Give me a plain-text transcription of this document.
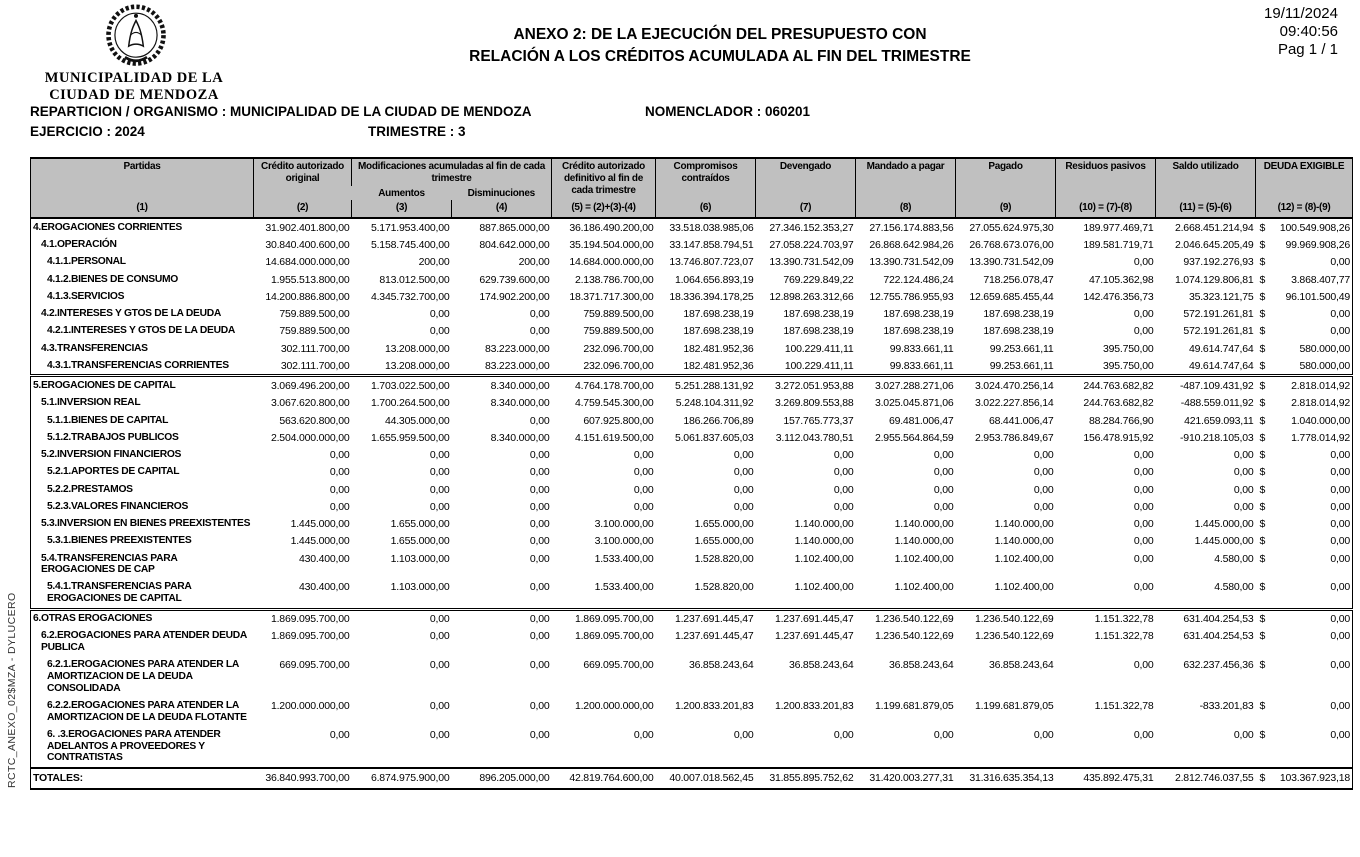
MUNICIPALIDAD DE LA
CIUDAD DE MENDOZA
ANEXO 2: DE LA EJECUCIÓN DEL PRESUPUESTO CON
RELACIÓN A LOS CRÉDITOS ACUMULADA AL FIN DEL TRIMESTRE
19/11/2024
09:40:56
Pag 1 / 1
REPARTICION / ORGANISMO : MUNICIPALIDAD DE LA CIUDAD DE MENDOZA	NOMENCLADOR : 060201
EJERCICIO : 2024	TRIMESTRE : 3
RCTC_ANEXO_02$MZA - DYLUCERO
Partidas	Crédito autorizado original	Modificaciones acumuladas al fin de cada trimestre		Crédito autorizado definitivo al fin de cada trimestre	Compromisos contraídos	Devengado	Mandado a pagar	Pagado	Residuos pasivos	Saldo utilizado	DEUDA EXIGIBLE
		Aumentos	Disminuciones								
(1)	(2)	(3)	(4)	(5) = (2)+(3)-(4)	(6)	(7)	(8)	(9)	(10) = (7)-(8)	(11) = (5)-(6)	(12) = (8)-(9)
4.EROGACIONES CORRIENTES	31.902.401.800,00	5.171.953.400,00	887.865.000,00	36.186.490.200,00	33.518.038.985,06	27.346.152.353,27	27.156.174.883,56	27.055.624.975,30	189.977.469,71	2.668.451.214,94	$ 100.549.908,26

4.1.OPERACIÓN	30.840.400.600,00	5.158.745.400,00	804.642.000,00	35.194.504.000,00	33.147.858.794,51	27.058.224.703,97	26.868.642.984,26	26.768.673.076,00	189.581.719,71	2.046.645.205,49	$ 99.969.908,26

4.1.1.PERSONAL	14.684.000.000,00	200,00	200,00	14.684.000.000,00	13.746.807.723,07	13.390.731.542,09	13.390.731.542,09	13.390.731.542,09	0,00	937.192.276,93	$ 0,00

4.1.2.BIENES DE CONSUMO	1.955.513.800,00	813.012.500,00	629.739.600,00	2.138.786.700,00	1.064.656.893,19	769.229.849,22	722.124.486,24	718.256.078,47	47.105.362,98	1.074.129.806,81	$ 3.868.407,77

4.1.3.SERVICIOS	14.200.886.800,00	4.345.732.700,00	174.902.200,00	18.371.717.300,00	18.336.394.178,25	12.898.263.312,66	12.755.786.955,93	12.659.685.455,44	142.476.356,73	35.323.121,75	$ 96.101.500,49

4.2.INTERESES Y GTOS DE LA DEUDA	759.889.500,00	0,00	0,00	759.889.500,00	187.698.238,19	187.698.238,19	187.698.238,19	187.698.238,19	0,00	572.191.261,81	$ 0,00

4.2.1.INTERESES Y GTOS DE LA DEUDA	759.889.500,00	0,00	0,00	759.889.500,00	187.698.238,19	187.698.238,19	187.698.238,19	187.698.238,19	0,00	572.191.261,81	$ 0,00

4.3.TRANSFERENCIAS	302.111.700,00	13.208.000,00	83.223.000,00	232.096.700,00	182.481.952,36	100.229.411,11	99.833.661,11	99.253.661,11	395.750,00	49.614.747,64	$ 580.000,00

4.3.1.TRANSFERENCIAS CORRIENTES	302.111.700,00	13.208.000,00	83.223.000,00	232.096.700,00	182.481.952,36	100.229.411,11	99.833.661,11	99.253.661,11	395.750,00	49.614.747,64	$ 580.000,00

5.EROGACIONES DE CAPITAL	3.069.496.200,00	1.703.022.500,00	8.340.000,00	4.764.178.700,00	5.251.288.131,92	3.272.051.953,88	3.027.288.271,06	3.024.470.256,14	244.763.682,82	-487.109.431,92	$ 2.818.014,92

5.1.INVERSION REAL	3.067.620.800,00	1.700.264.500,00	8.340.000,00	4.759.545.300,00	5.248.104.311,92	3.269.809.553,88	3.025.045.871,06	3.022.227.856,14	244.763.682,82	-488.559.011,92	$ 2.818.014,92

5.1.1.BIENES DE CAPITAL	563.620.800,00	44.305.000,00	0,00	607.925.800,00	186.266.706,89	157.765.773,37	69.481.006,47	68.441.006,47	88.284.766,90	421.659.093,11	$ 1.040.000,00

5.1.2.TRABAJOS PUBLICOS	2.504.000.000,00	1.655.959.500,00	8.340.000,00	4.151.619.500,00	5.061.837.605,03	3.112.043.780,51	2.955.564.864,59	2.953.786.849,67	156.478.915,92	-910.218.105,03	$ 1.778.014,92

5.2.INVERSION FINANCIEROS	0,00	0,00	0,00	0,00	0,00	0,00	0,00	0,00	0,00	0,00	$ 0,00

5.2.1.APORTES DE CAPITAL	0,00	0,00	0,00	0,00	0,00	0,00	0,00	0,00	0,00	0,00	$ 0,00

5.2.2.PRESTAMOS	0,00	0,00	0,00	0,00	0,00	0,00	0,00	0,00	0,00	0,00	$ 0,00

5.2.3.VALORES FINANCIEROS	0,00	0,00	0,00	0,00	0,00	0,00	0,00	0,00	0,00	0,00	$ 0,00

5.3.INVERSION EN BIENES PREEXISTENTES	1.445.000,00	1.655.000,00	0,00	3.100.000,00	1.655.000,00	1.140.000,00	1.140.000,00	1.140.000,00	0,00	1.445.000,00	$ 0,00

5.3.1.BIENES PREEXISTENTES	1.445.000,00	1.655.000,00	0,00	3.100.000,00	1.655.000,00	1.140.000,00	1.140.000,00	1.140.000,00	0,00	1.445.000,00	$ 0,00

5.4.TRANSFERENCIAS PARA EROGACIONES DE CAP	430.400,00	1.103.000,00	0,00	1.533.400,00	1.528.820,00	1.102.400,00	1.102.400,00	1.102.400,00	0,00	4.580,00	$ 0,00

5.4.1.TRANSFERENCIAS PARA EROGACIONES DE CAPITAL	430.400,00	1.103.000,00	0,00	1.533.400,00	1.528.820,00	1.102.400,00	1.102.400,00	1.102.400,00	0,00	4.580,00	$ 0,00

6.OTRAS EROGACIONES	1.869.095.700,00	0,00	0,00	1.869.095.700,00	1.237.691.445,47	1.237.691.445,47	1.236.540.122,69	1.236.540.122,69	1.151.322,78	631.404.254,53	$ 0,00

6.2.EROGACIONES PARA ATENDER DEUDA PUBLICA	1.869.095.700,00	0,00	0,00	1.869.095.700,00	1.237.691.445,47	1.237.691.445,47	1.236.540.122,69	1.236.540.122,69	1.151.322,78	631.404.254,53	$ 0,00

6.2.1.EROGACIONES PARA ATENDER LA AMORTIZACION DE LA DEUDA CONSOLIDADA	669.095.700,00	0,00	0,00	669.095.700,00	36.858.243,64	36.858.243,64	36.858.243,64	36.858.243,64	0,00	632.237.456,36	$ 0,00

6.2.2.EROGACIONES PARA ATENDER LA AMORTIZACION DE LA DEUDA FLOTANTE	1.200.000.000,00	0,00	0,00	1.200.000.000,00	1.200.833.201,83	1.200.833.201,83	1.199.681.879,05	1.199.681.879,05	1.151.322,78	-833.201,83	$ 0,00

6. .3.EROGACIONES PARA ATENDER ADELANTOS A PROVEEDORES Y CONTRATISTAS	0,00	0,00	0,00	0,00	0,00	0,00	0,00	0,00	0,00	0,00	$ 0,00

TOTALES:	36.840.993.700,00	6.874.975.900,00	896.205.000,00	42.819.764.600,00	40.007.018.562,45	31.855.895.752,62	31.420.003.277,31	31.316.635.354,13	435.892.475,31	2.812.746.037,55	$ 103.367.923,18
